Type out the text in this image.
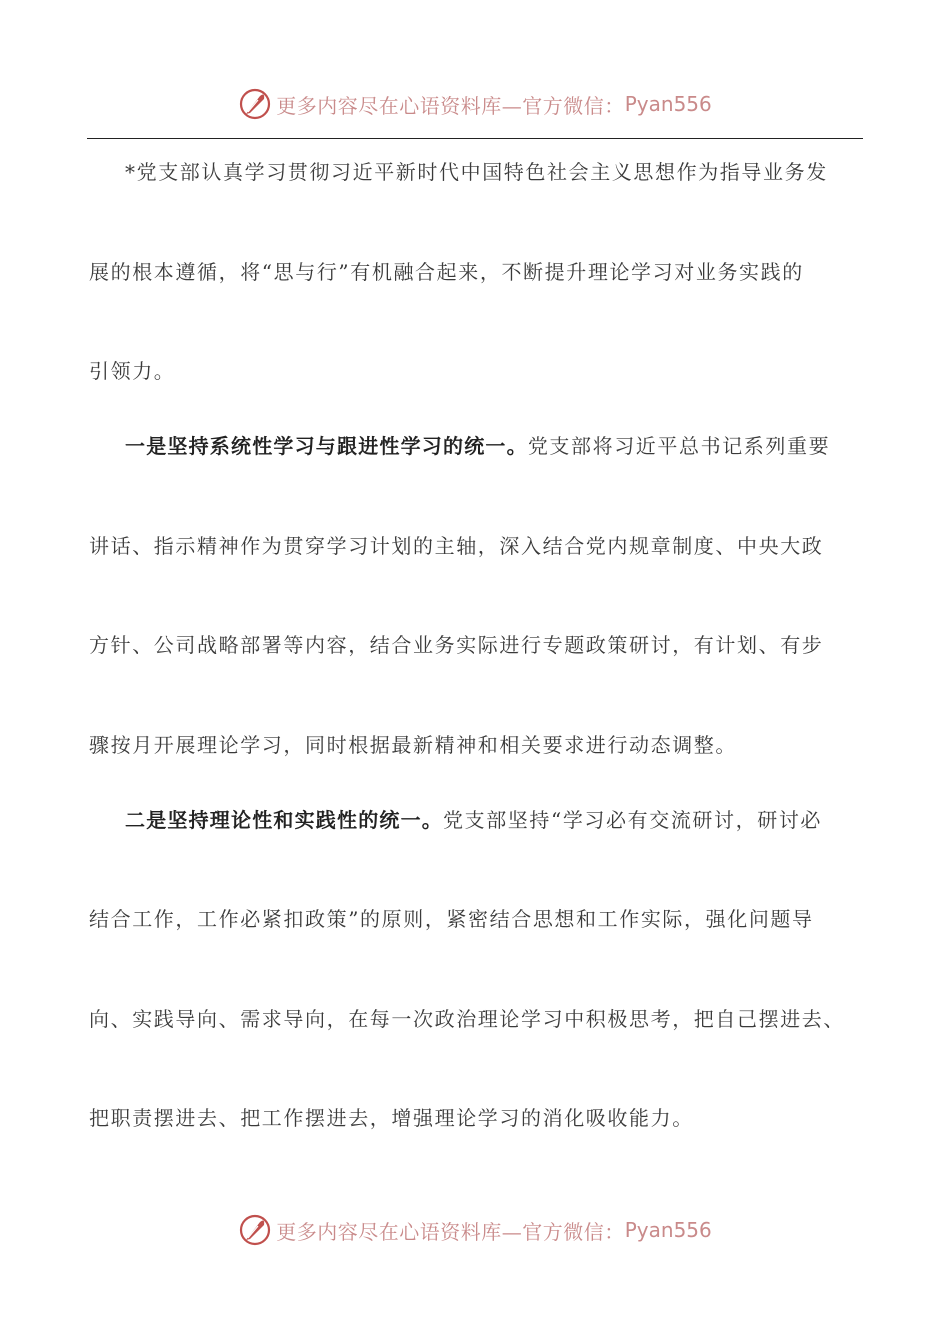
更多内容尽在心语资料库—官方微信： Pyan556
*党支部认真学习贯彻习近平新时代中国特色社会主义思想作为指导业务发
展的根本遵循，将“思与行”有机融合起来，不断提升理论学习对业务实践的
引领力。
一是坚持系统性学习与跟进性学习的统一。党支部将习近平总书记系列重要
讲话、指示精神作为贯穿学习计划的主轴，深入结合党内规章制度、中央大政
方针、公司战略部署等内容，结合业务实际进行专题政策研讨，有计划、有步
骤按月开展理论学习，同时根据最新精神和相关要求进行动态调整。
二是坚持理论性和实践性的统一。党支部坚持“学习必有交流研讨，研讨必
结合工作，工作必紧扣政策”的原则，紧密结合思想和工作实际，强化问题导
向、实践导向、需求导向，在每一次政治理论学习中积极思考，把自己摆进去、
把职责摆进去、把工作摆进去，增强理论学习的消化吸收能力。
更多内容尽在心语资料库—官方微信： Pyan556
